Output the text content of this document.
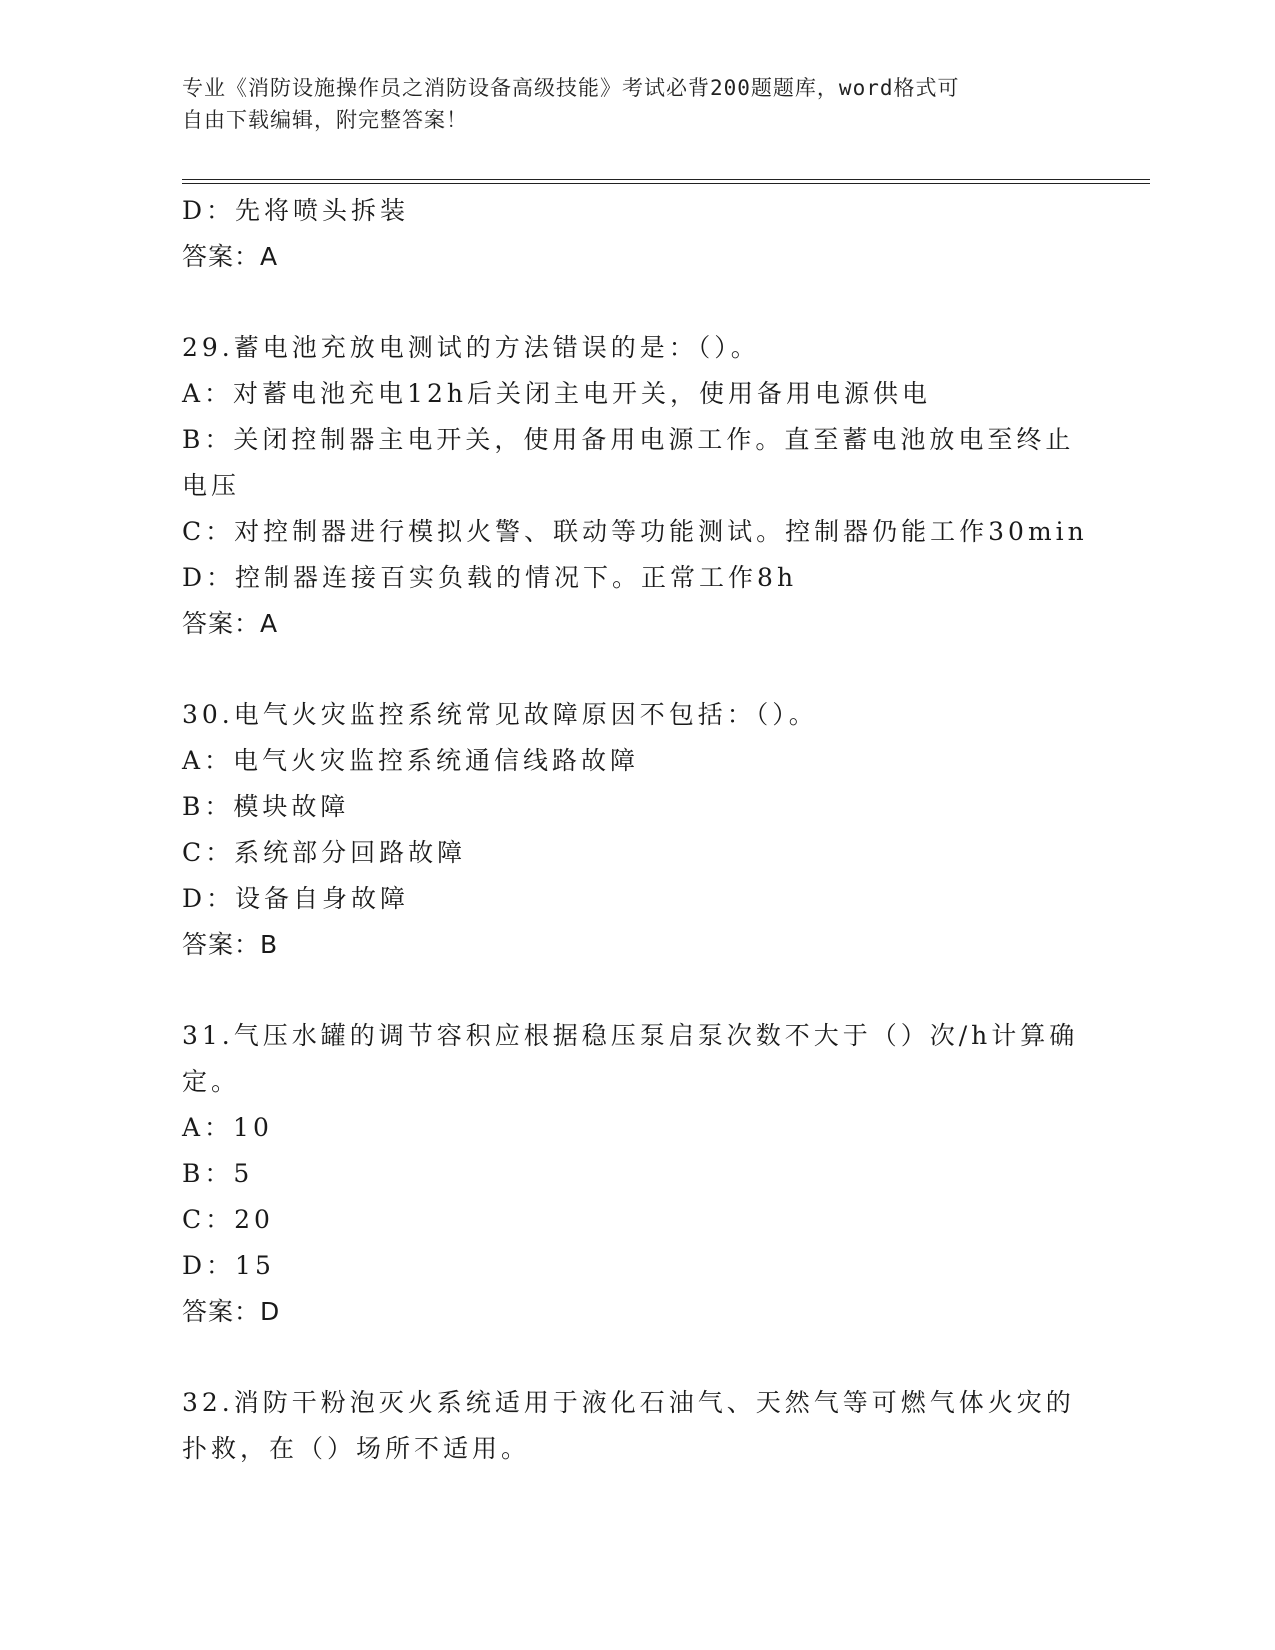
专业《消防设施操作员之消防设备高级技能》考试必背200题题库，word格式可
自由下载编辑，附完整答案！
D：先将喷头拆装
答案：A
29.蓄电池充放电测试的方法错误的是：（）。
A：对蓄电池充电12h后关闭主电开关，使用备用电源供电
B：关闭控制器主电开关，使用备用电源工作。直至蓄电池放电至终止
电压
C：对控制器进行模拟火警、联动等功能测试。控制器仍能工作30min
D：控制器连接百实负载的情况下。正常工作8h
答案：A
30.电气火灾监控系统常见故障原因不包括：（）。
A：电气火灾监控系统通信线路故障
B：模块故障
C：系统部分回路故障
D：设备自身故障
答案：B
31.气压水罐的调节容积应根据稳压泵启泵次数不大于（）次/h计算确
定。
A：10
B：5
C：20
D：15
答案：D
32.消防干粉泡灭火系统适用于液化石油气、天然气等可燃气体火灾的
扑救，在（）场所不适用。
